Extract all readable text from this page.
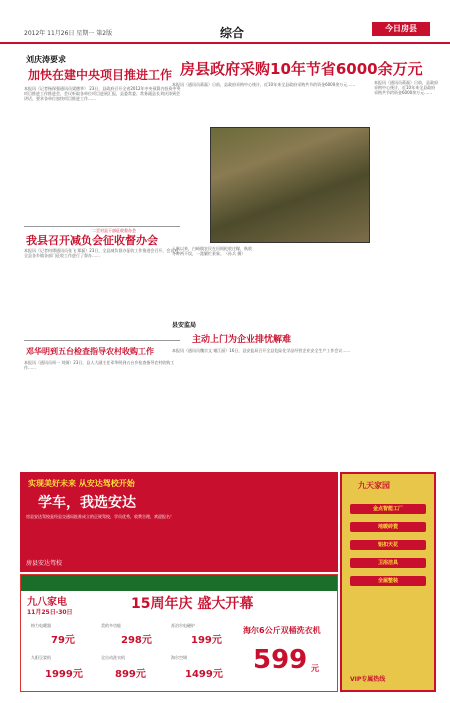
2012年 11月26日 星期一 第2版	综合	今日房县
刘庆涛要求
加快在建中央项目推进工作
本报讯（记者杨保强通讯员梁德华） 23日，县政府召开全省2012年中央预算内投资中央项目推进工作推进会，会议听取各单位项目进展汇报，县委常委、常务副县长刘庆涛到会讲话，要求各单位加快项目推进工作……
我县召开减负会征收督办会
二至对县干部征收督办会
本报讯（记者何谭通讯员张飞 郑磊）23日，全县减负督办征收工作推进会召开，会议对全县各乡镇各部门征收工作进行了督办……
邓华明到五台检查指导农村收购工作
本报讯（通讯员周一 刘娟）23日，县人大副主任邓华明到五台乡检查指导农村收购工作……
房县政府采购10年节省6000余万元
本报讯（通讯员蒋磊）日前，县政府采购中心统计，近10年来全县政府采购共节约资金6000余万元……
入秋以来，白峪镇农民在田间抢收庄稼，秋收冬种两不误，一派繁忙景象。（孙兵 摄）
本报讯（通讯员蒋磊）日前，县政府采购中心统计，近10年来全县政府采购共节约资金6000余万元……
县安监局
主动上门为企业排忧解难
本报讯（通讯员魏宗文 谢江丽）16日，县安监局召开全县危险化学品经营企业安全生产工作会议……
实现美好未来 从安达驾校开始
学车，我选安达
房县安达驾校
房县安达驾校是经县交通局批准成立的正规驾校，学员优秀，收费合理，欢迎报名！
九天家园
金点智能工厂
地暖砖瓷
铝扣天花
卫浴洁具
全屋整装
VIP专属热线
九八家电
11月25日-30日
15周年庆 盛大开幕
格力电暖器
79元
美的多功能
298元
苏泊尔电磁炉
199元
九阳豆浆机
1999元
全自动洗衣机
899元
海尔空调
1499元
海尔6公斤双桶洗衣机
599 元
